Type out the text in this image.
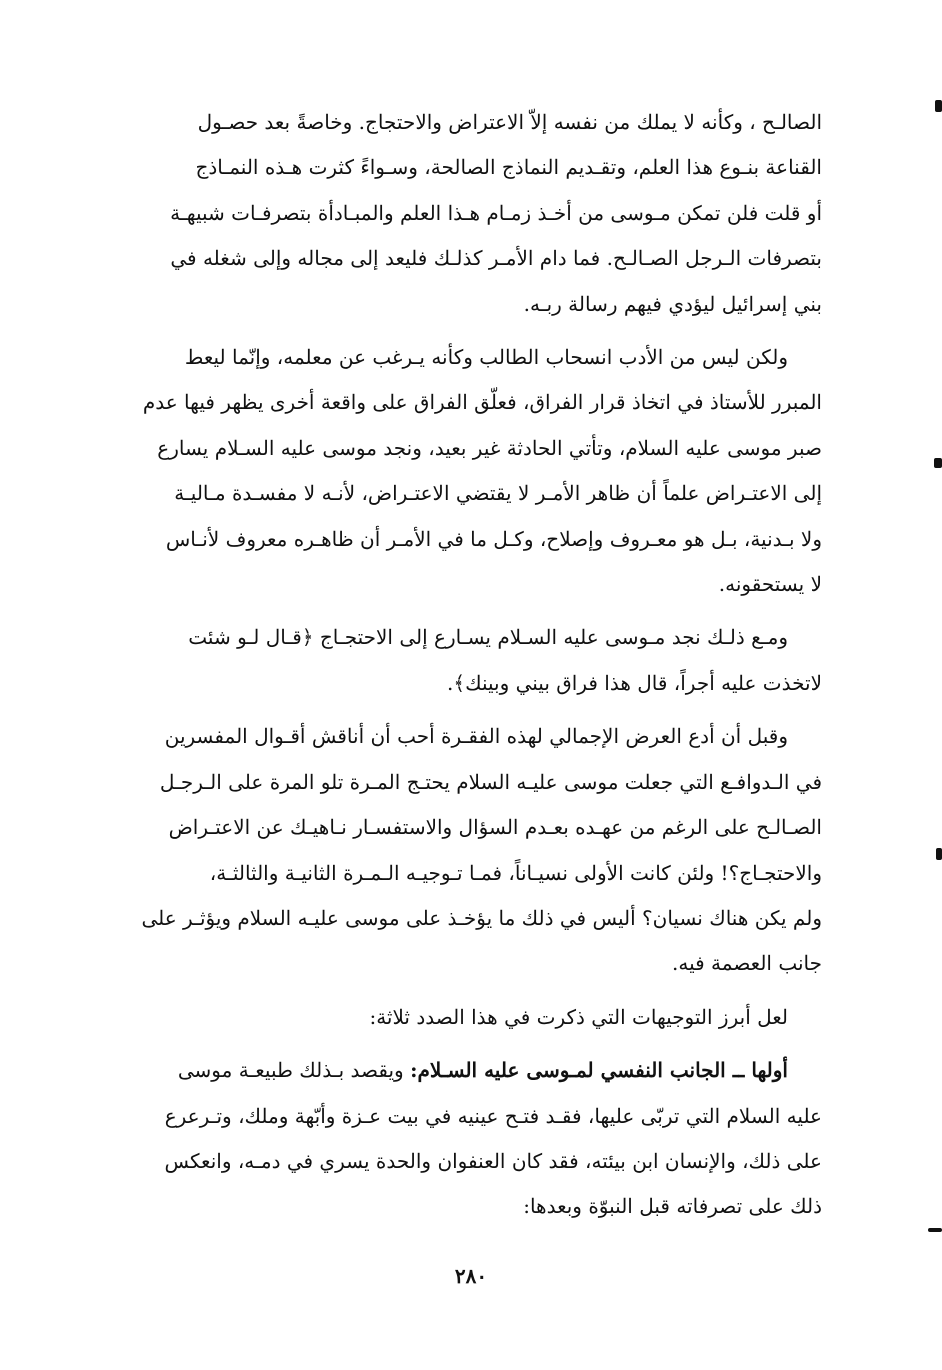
الصالـح ، وكأنه لا يملك من نفسه إلاّ الاعتراض والاحتجاج. وخاصةً بعد حصـول
القناعة بنـوع هذا العلم، وتقـديم النماذج الصالحة، وسـواءً كثرت هـذه النمـاذج
أو قلت فلن تمكن مـوسى من أخـذ زمـام هـذا العلم والمبـادأة بتصرفـات شبيهـة
بتصرفات الـرجل الصـالـح. فما دام الأمـر كذلـك فليعد إلى مجاله وإلى شغله في
بني إسرائيل ليؤدي فيهم رسالة ربـه.
ولكن ليس من الأدب انسحاب الطالب وكأنه يـرغب عن معلمه، وإنّما ليعط
المبرر للأستاذ في اتخاذ قرار الفراق، فعلّق الفراق على واقعة أخرى يظهر فيها عدم
صبر موسى عليه السلام، وتأتي الحادثة غير بعيد، ونجد موسى عليه السـلام يسارع
إلى الاعتـراض علماً أن ظاهر الأمـر لا يقتضي الاعتـراض، لأنـه لا مفسـدة مـاليـة
ولا بـدنية، بـل هو معـروف وإصلاح، وكـل ما في الأمـر أن ظاهـره معروف لأنـاس
لا يستحقونه.
ومـع ذلـك نجد مـوسى عليه السـلام يسـارع إلى الاحتجـاج ﴿قـال لـو شئت
لاتخذت عليه أجراً، قال هذا فراق بيني وبينك﴾.
وقبل أن أدع العرض الإجمالي لهذه الفقـرة أحب أن أناقش أقـوال المفسرين
في الـدوافـع التي جعلت موسى عليـه السلام يحتـج المـرة تلو المرة على الـرجـل
الصـالـح على الرغم من عهـده بعـدم السؤال والاستفسـار نـاهيـك عن الاعتـراض
والاحتجـاج؟! ولئن كانت الأولى نسيـاناً، فمـا تـوجيـه الـمـرة الثانيـة والثالثـة،
ولم يكن هناك نسيان؟ أليس في ذلك ما يؤخـذ على موسى عليـه السلام ويؤثـر على
جانب العصمة فيه.
لعل أبرز التوجيهات التي ذكرت في هذا الصدد ثلاثة:
أولها ــ الجانب النفسي لمـوسى عليه السـلام: ويقصد بـذلك طبيعـة موسى
عليه السلام التي تربّى عليها، فقـد فتـح عينيه في بيت عـزة وأبّهة وملك، وتـرعرع
على ذلك، والإنسان ابن بيئته، فقد كان العنفوان والحدة يسري في دمـه، وانعكس
ذلك على تصرفاته قبل النبوّة وبعدها:
٢٨٠
